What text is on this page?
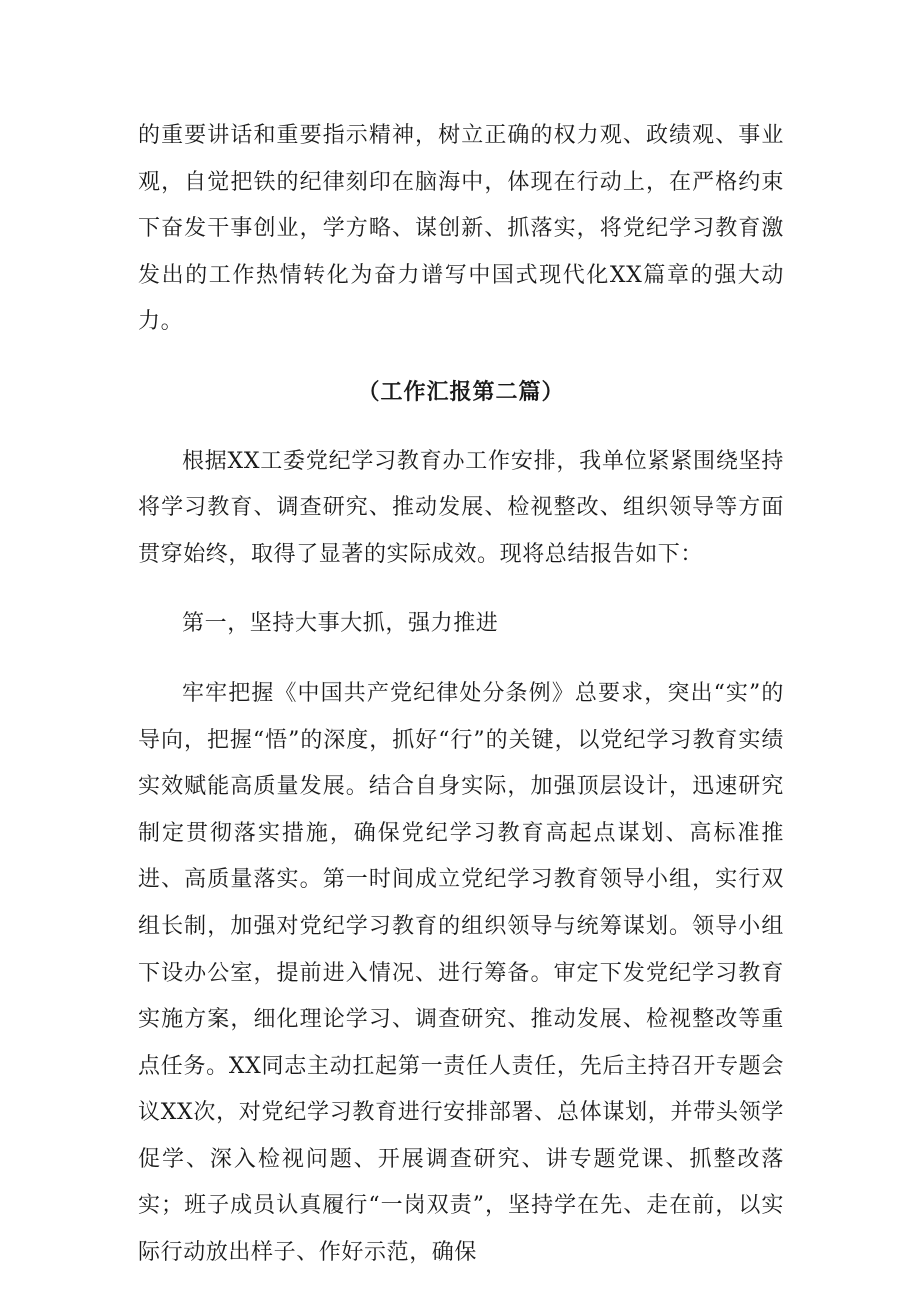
的重要讲话和重要指示精神，树立正确的权力观、政绩观、事业观，自觉把铁的纪律刻印在脑海中，体现在行动上，在严格约束下奋发干事创业，学方略、谋创新、抓落实，将党纪学习教育激发出的工作热情转化为奋力谱写中国式现代化XX篇章的强大动力。

（工作汇报第二篇）

根据XX工委党纪学习教育办工作安排，我单位紧紧围绕坚持将学习教育、调查研究、推动发展、检视整改、组织领导等方面贯穿始终，取得了显著的实际成效。现将总结报告如下：

第一，坚持大事大抓，强力推进

牢牢把握《中国共产党纪律处分条例》总要求，突出“实”的导向，把握“悟”的深度，抓好“行”的关键，以党纪学习教育实绩实效赋能高质量发展。结合自身实际，加强顶层设计，迅速研究制定贯彻落实措施，确保党纪学习教育高起点谋划、高标准推进、高质量落实。第一时间成立党纪学习教育领导小组，实行双组长制，加强对党纪学习教育的组织领导与统筹谋划。领导小组下设办公室，提前进入情况、进行筹备。审定下发党纪学习教育实施方案，细化理论学习、调查研究、推动发展、检视整改等重点任务。XX同志主动扛起第一责任人责任，先后主持召开专题会议XX次，对党纪学习教育进行安排部署、总体谋划，并带头领学促学、深入检视问题、开展调查研究、讲专题党课、抓整改落实；班子成员认真履行“一岗双责”，坚持学在先、走在前，以实际行动放出样子、作好示范，确保
